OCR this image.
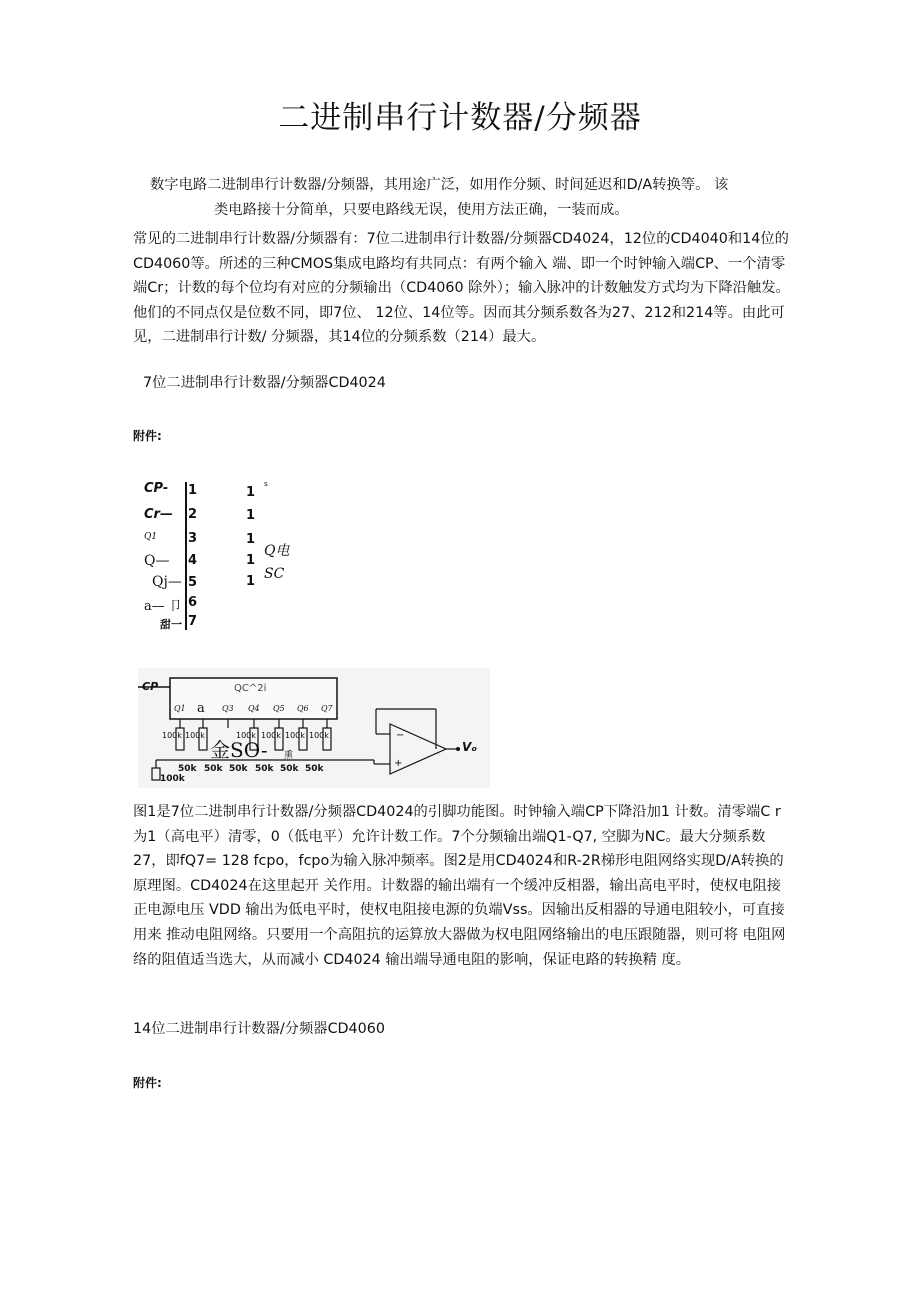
二进制串行计数器/分频器

数字电路二进制串行计数器/分频器，其用途广泛，如用作分频、时间延迟和D/A转换等。 该

类电路接十分简单，只要电路线无误，使用方法正确，一装而成。

常见的二进制串行计数器/分频器有：7位二进制串行计数器/分频器CD4024，12位的CD4040和14位的CD4060等。所述的三种CMOS集成电路均有共同点：有两个输入 端、即一个时钟输入端CP、一个清零端Cr；计数的每个位均有对应的分频输出（CD4060 除外）；输入脉冲的计数触发方式均为下降沿触发。他们的不同点仅是位数不同，即7位、 12位、14位等。因而其分频系数各为27、212和214等。由此可见，二进制串行计数/ 分频器，其14位的分频系数（214）最大。

7位二进制串行计数器/分频器CD4024

附件:
CP-
Cr—
Q1
Q—
Qj—
a— 卩
甜一
1
2
3
4
5
6
7
1
1
1
1
1
s
Q电
SC
−
+
CP	QC^2i
Q1 a Q3 Q4 Q5 Q6 Q7
100k 100k	100k 100k 100k 100k
金SO- 熏
50k 50k 50k 50k 50k 50k
100k
Vₒ

图1是7位二进制串行计数器/分频器CD4024的引脚功能图。时钟输入端CP下降沿加1 计数。清零端C r为1（高电平）清零，0（低电平）允许计数工作。7个分频输出端Q1-Q7, 空脚为NC。最大分频系数27，即fQ7= 128 fcpo，fcpo为输入脉冲频率。图2是用CD4024和R-2R梯形电阻网络实现D/A转换的原理图。CD4024在这里起开 关作用。计数器的输出端有一个缓冲反相器，输出高电平时，使权电阻接正电源电压 VDD 输出为低电平时，使权电阻接电源的负端Vss。因输出反相器的导通电阻较小，可直接用来 推动电阻网络。只要用一个高阻抗的运算放大器做为权电阻网络输出的电压跟随器，则可将 电阻网络的阻值适当选大，从而减小 CD4024 输出端导通电阻的影响，保证电路的转换精 度。

14位二进制串行计数器/分频器CD4060

附件:
